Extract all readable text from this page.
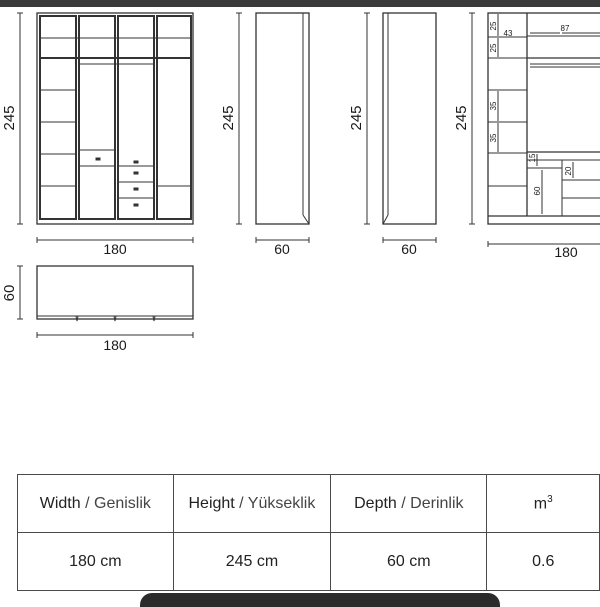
245
180
245
60
245
60
25
25
35
35
43
87
15
20
60
245
180
60
180
Width / Genislik	Height / Yükseklik	Depth / Derinlik	$m^3$
180 cm	245 cm	60 cm	0.6
